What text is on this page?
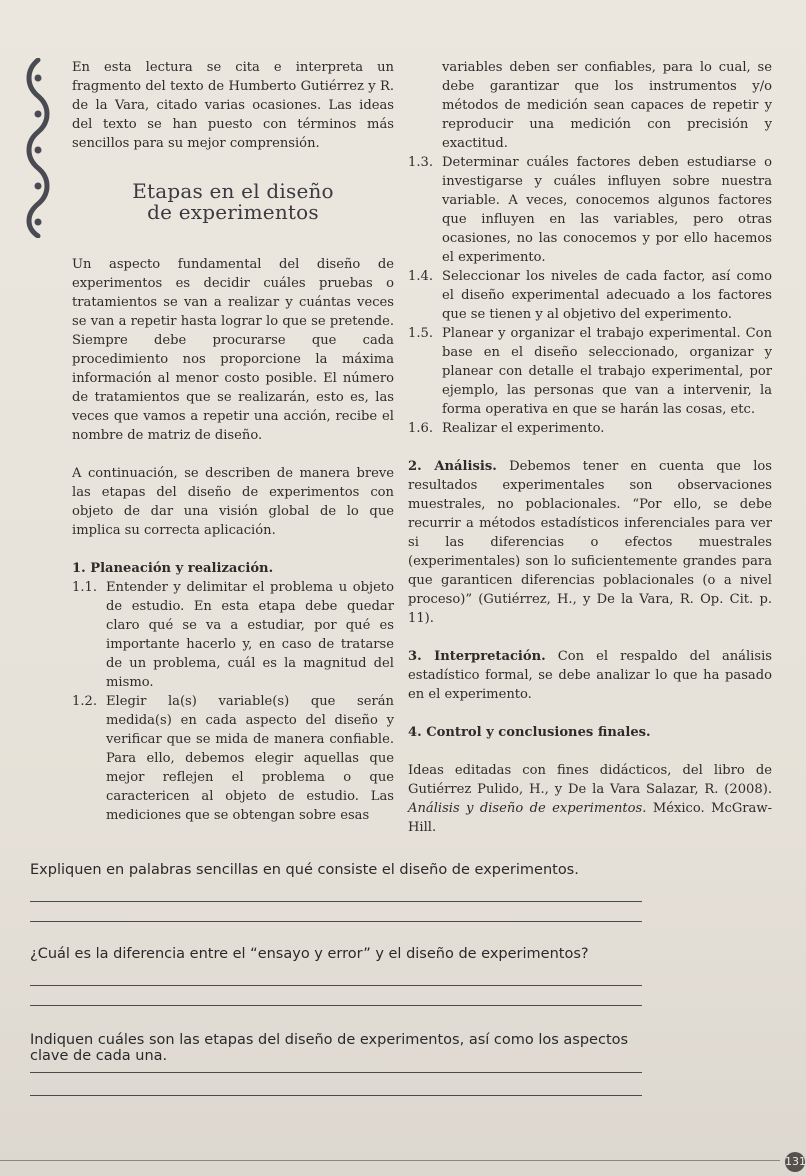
En esta lectura se cita e interpreta un fragmento del texto de Humberto Gutiérrez y R. de la Vara, citado varias ocasiones. Las ideas del texto se han puesto con términos más sencillos para su mejor comprensión.

Etapas en el diseño
de experimentos

Un aspecto fundamental del diseño de experimentos es decidir cuáles pruebas o tratamientos se van a realizar y cuántas veces se van a repetir hasta lograr lo que se pretende. Siempre debe procurarse que cada procedimiento nos proporcione la máxima información al menor costo posible. El número de tratamientos que se realizarán, esto es, las veces que vamos a repetir una acción, recibe el nombre de matriz de diseño.

A continuación, se describen de manera breve las etapas del diseño de experimentos con objeto de dar una visión global de lo que implica su correcta aplicación.

1. Planeación y realización.
1.1. Entender y delimitar el problema u objeto de estudio. En esta etapa debe quedar claro qué se va a estudiar, por qué es importante hacerlo y, en caso de tratarse de un problema, cuál es la magnitud del mismo.
1.2. Elegir la(s) variable(s) que serán medida(s) en cada aspecto del diseño y verificar que se mida de manera confiable. Para ello, debemos elegir aquellas que mejor reflejen el problema o que caractericen al objeto de estudio. Las mediciones que se obtengan sobre esas
variables deben ser confiables, para lo cual, se debe garantizar que los instrumentos y/o métodos de medición sean capaces de repetir y reproducir una medición con precisión y exactitud.
1.3. Determinar cuáles factores deben estudiarse o investigarse y cuáles influyen sobre nuestra variable. A veces, conocemos algunos factores que influyen en las variables, pero otras ocasiones, no las conocemos y por ello hacemos el experimento.
1.4. Seleccionar los niveles de cada factor, así como el diseño experimental adecuado a los factores que se tienen y al objetivo del experimento.
1.5. Planear y organizar el trabajo experimental. Con base en el diseño seleccionado, organizar y planear con detalle el trabajo experimental, por ejemplo, las personas que van a intervenir, la forma operativa en que se harán las cosas, etc.
1.6. Realizar el experimento.

2. Análisis. Debemos tener en cuenta que los resultados experimentales son observaciones muestrales, no poblacionales. “Por ello, se debe recurrir a métodos estadísticos inferenciales para ver si las diferencias o efectos muestrales (experimentales) son lo suficientemente grandes para que garanticen diferencias poblacionales (o a nivel proceso)” (Gutiérrez, H., y De la Vara, R. Op. Cit. p. 11).

3. Interpretación. Con el respaldo del análisis estadístico formal, se debe analizar lo que ha pasado en el experimento.

4. Control y conclusiones finales.

Ideas editadas con fines didácticos, del libro de Gutiérrez Pulido, H., y De la Vara Salazar, R. (2008). Análisis y diseño de experimentos. México. McGraw- Hill.

Expliquen en palabras sencillas en qué consiste el diseño de experimentos.
¿Cuál es la diferencia entre el “ensayo y error” y el diseño de experimentos?
Indiquen cuáles son las etapas del diseño de experimentos, así como los aspectos clave de cada una.
131
